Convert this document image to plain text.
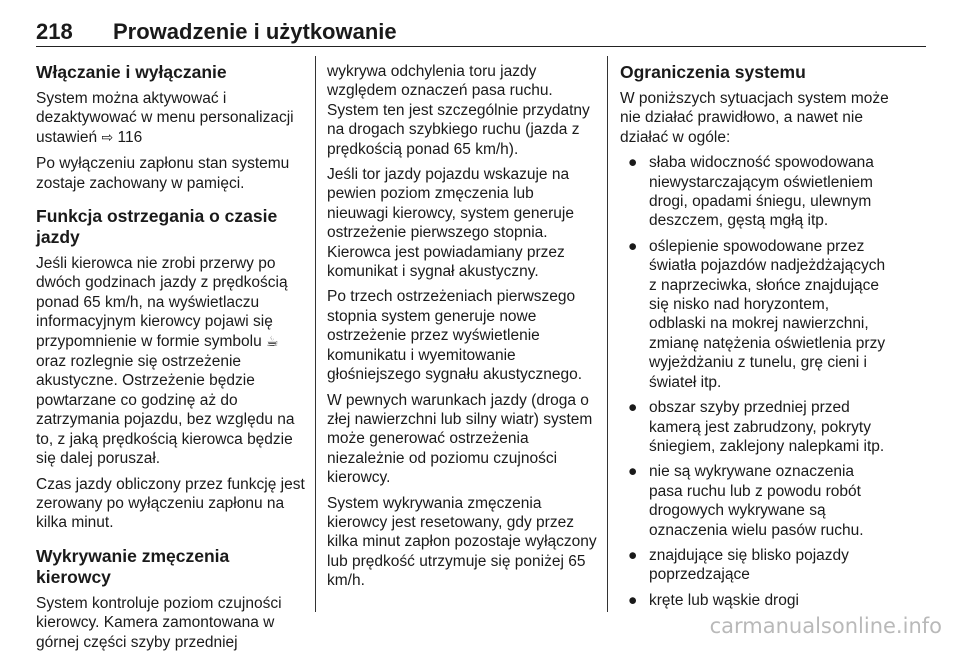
218 Prowadzenie i użytkowanie
Włączanie i wyłączanie

System można aktywować i dezaktywować w menu personalizacji ustawień ⇨ 116

Po wyłączeniu zapłonu stan systemu zostaje zachowany w pamięci.

Funkcja ostrzegania o czasie jazdy

Jeśli kierowca nie zrobi przerwy po dwóch godzinach jazdy z prędkością ponad 65 km/h, na wyświetlaczu informacyjnym kierowcy pojawi się przypomnienie w formie symbolu ☕ oraz rozlegnie się ostrzeżenie akustyczne. Ostrzeżenie będzie powtarzane co godzinę aż do zatrzymania pojazdu, bez względu na to, z jaką prędkością kierowca będzie się dalej poruszał.

Czas jazdy obliczony przez funkcję jest zerowany po wyłączeniu zapłonu na kilka minut.

Wykrywanie zmęczenia kierowcy

System kontroluje poziom czujności kierowcy. Kamera zamontowana w górnej części szyby przedniej

wykrywa odchylenia toru jazdy względem oznaczeń pasa ruchu. System ten jest szczególnie przydatny na drogach szybkiego ruchu (jazda z prędkością ponad 65 km/h).

Jeśli tor jazdy pojazdu wskazuje na pewien poziom zmęczenia lub nieuwagi kierowcy, system generuje ostrzeżenie pierwszego stopnia. Kierowca jest powiadamiany przez komunikat i sygnał akustyczny.

Po trzech ostrzeżeniach pierwszego stopnia system generuje nowe ostrzeżenie przez wyświetlenie komunikatu i wyemitowanie głośniejszego sygnału akustycznego.

W pewnych warunkach jazdy (droga o złej nawierzchni lub silny wiatr) system może generować ostrzeżenia niezależnie od poziomu czujności kierowcy.

System wykrywania zmęczenia kierowcy jest resetowany, gdy przez kilka minut zapłon pozostaje wyłączony lub prędkość utrzymuje się poniżej 65 km/h.

Ograniczenia systemu

W poniższych sytuacjach system może nie działać prawidłowo, a nawet nie działać w ogóle:

● słaba widoczność spowodowana niewystarczającym oświetleniem drogi, opadami śniegu, ulewnym deszczem, gęstą mgłą itp.
● oślepienie spowodowane przez światła pojazdów nadjeżdżających z naprzeciwka, słońce znajdujące się nisko nad horyzontem, odblaski na mokrej nawierzchni, zmianę natężenia oświetlenia przy wyjeżdżaniu z tunelu, grę cieni i świateł itp.
● obszar szyby przedniej przed kamerą jest zabrudzony, pokryty śniegiem, zaklejony nalepkami itp.
● nie są wykrywane oznaczenia pasa ruchu lub z powodu robót drogowych wykrywane są oznaczenia wielu pasów ruchu.
● znajdujące się blisko pojazdy poprzedzające
● kręte lub wąskie drogi
carmanualsonline.info
